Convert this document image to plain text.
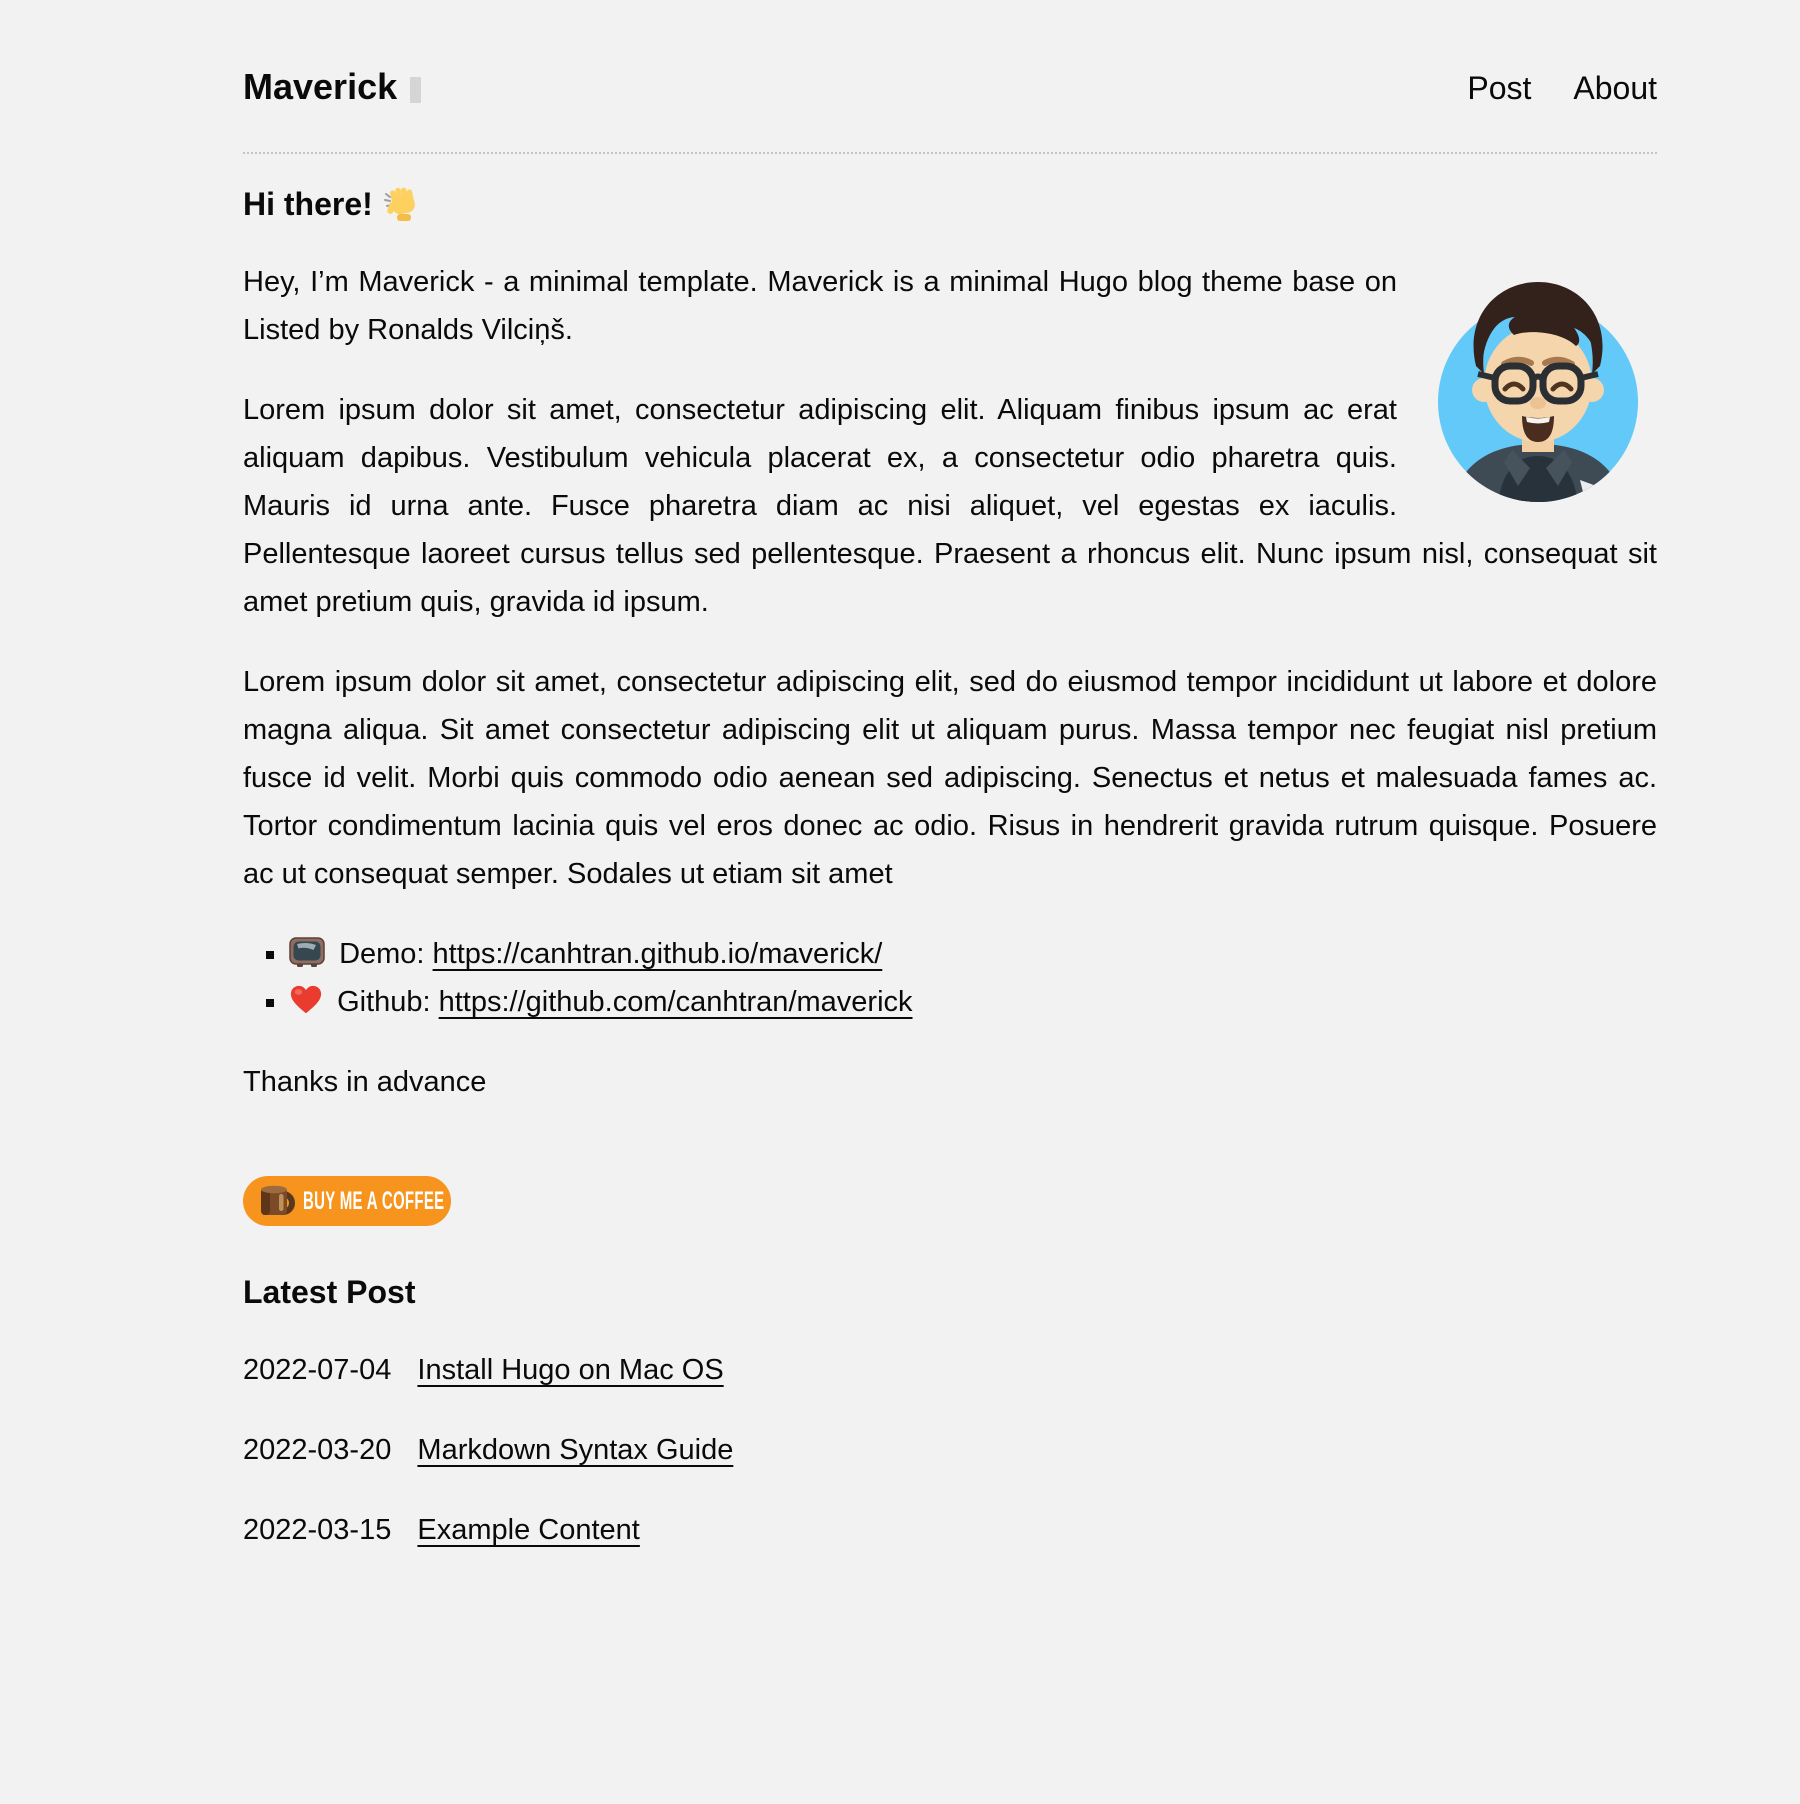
Maverick	Post About
Hi there!

Hey, I’m Maverick - a minimal template. Maverick is a minimal Hugo blog theme base on Listed by Ronalds Vilciņš.

Lorem ipsum dolor sit amet, consectetur adipiscing elit. Aliquam finibus ipsum ac erat aliquam dapibus. Vestibulum vehicula placerat ex, a consectetur odio pharetra quis. Mauris id urna ante. Fusce pharetra diam ac nisi aliquet, vel egestas ex iaculis. Pellentesque laoreet cursus tellus sed pellentesque. Praesent a rhoncus elit. Nunc ipsum nisl, consequat sit amet pretium quis, gravida id ipsum.

Lorem ipsum dolor sit amet, consectetur adipiscing elit, sed do eiusmod tempor incididunt ut labore et dolore magna aliqua. Sit amet consectetur adipiscing elit ut aliquam purus. Massa tempor nec feugiat nisl pretium fusce id velit. Morbi quis commodo odio aenean sed adipiscing. Senectus et netus et malesuada fames ac. Tortor condimentum lacinia quis vel eros donec ac odio. Risus in hendrerit gravida rutrum quisque. Posuere ac ut consequat semper. Sodales ut etiam sit amet

▪ Demo: https://canhtran.github.io/maverick/
▪ Github: https://github.com/canhtran/maverick

Thanks in advance

BUY ME A COFFEE
Latest Post
2022-07-04 Install Hugo on Mac OS
2022-03-20 Markdown Syntax Guide
2022-03-15 Example Content
